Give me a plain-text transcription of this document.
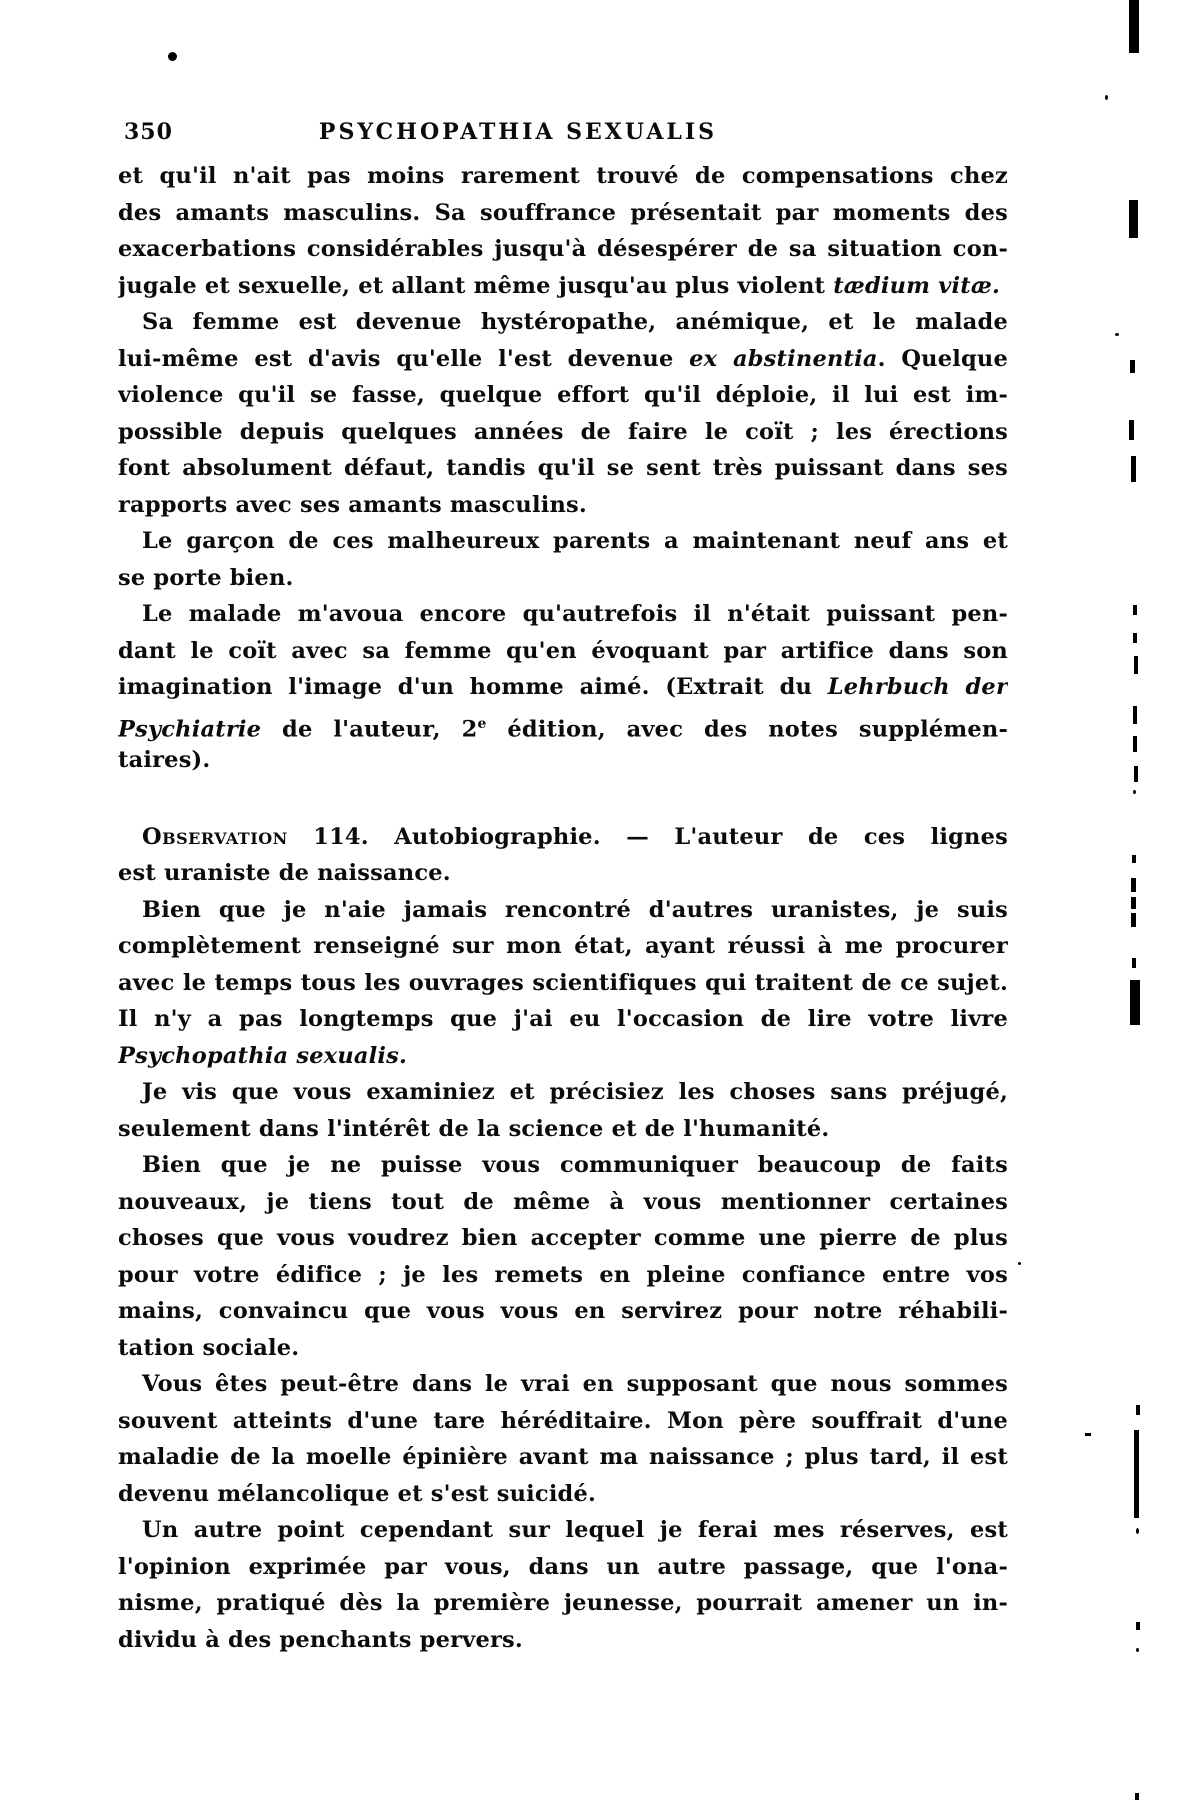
350	PSYCHOPATHIA SEXUALIS
et qu'il n'ait pas moins rarement trouvé de compensations chez
des amants masculins. Sa souffrance présentait par moments des
exacerbations considérables jusqu'à désespérer de sa situation con-
jugale et sexuelle, et allant même jusqu'au plus violent tædium vitæ.
Sa femme est devenue hystéropathe, anémique, et le malade
lui-même est d'avis qu'elle l'est devenue ex abstinentia. Quelque
violence qu'il se fasse, quelque effort qu'il déploie, il lui est im-
possible depuis quelques années de faire le coït ; les érections
font absolument défaut, tandis qu'il se sent très puissant dans ses
rapports avec ses amants masculins.
Le garçon de ces malheureux parents a maintenant neuf ans et
se porte bien.
Le malade m'avoua encore qu'autrefois il n'était puissant pen-
dant le coït avec sa femme qu'en évoquant par artifice dans son
imagination l'image d'un homme aimé. (Extrait du Lehrbuch der
Psychiatrie de l'auteur, 2e édition, avec des notes supplémen-
taires).
Observation 114. Autobiographie. — L'auteur de ces lignes
est uraniste de naissance.
Bien que je n'aie jamais rencontré d'autres uranistes, je suis
complètement renseigné sur mon état, ayant réussi à me procurer
avec le temps tous les ouvrages scientifiques qui traitent de ce sujet.
Il n'y a pas longtemps que j'ai eu l'occasion de lire votre livre
Psychopathia sexualis.
Je vis que vous examiniez et précisiez les choses sans préjugé,
seulement dans l'intérêt de la science et de l'humanité.
Bien que je ne puisse vous communiquer beaucoup de faits
nouveaux, je tiens tout de même à vous mentionner certaines
choses que vous voudrez bien accepter comme une pierre de plus
pour votre édifice ; je les remets en pleine confiance entre vos
mains, convaincu que vous vous en servirez pour notre réhabili-
tation sociale.
Vous êtes peut-être dans le vrai en supposant que nous sommes
souvent atteints d'une tare héréditaire. Mon père souffrait d'une
maladie de la moelle épinière avant ma naissance ; plus tard, il est
devenu mélancolique et s'est suicidé.
Un autre point cependant sur lequel je ferai mes réserves, est
l'opinion exprimée par vous, dans un autre passage, que l'ona-
nisme, pratiqué dès la première jeunesse, pourrait amener un in-
dividu à des penchants pervers.
